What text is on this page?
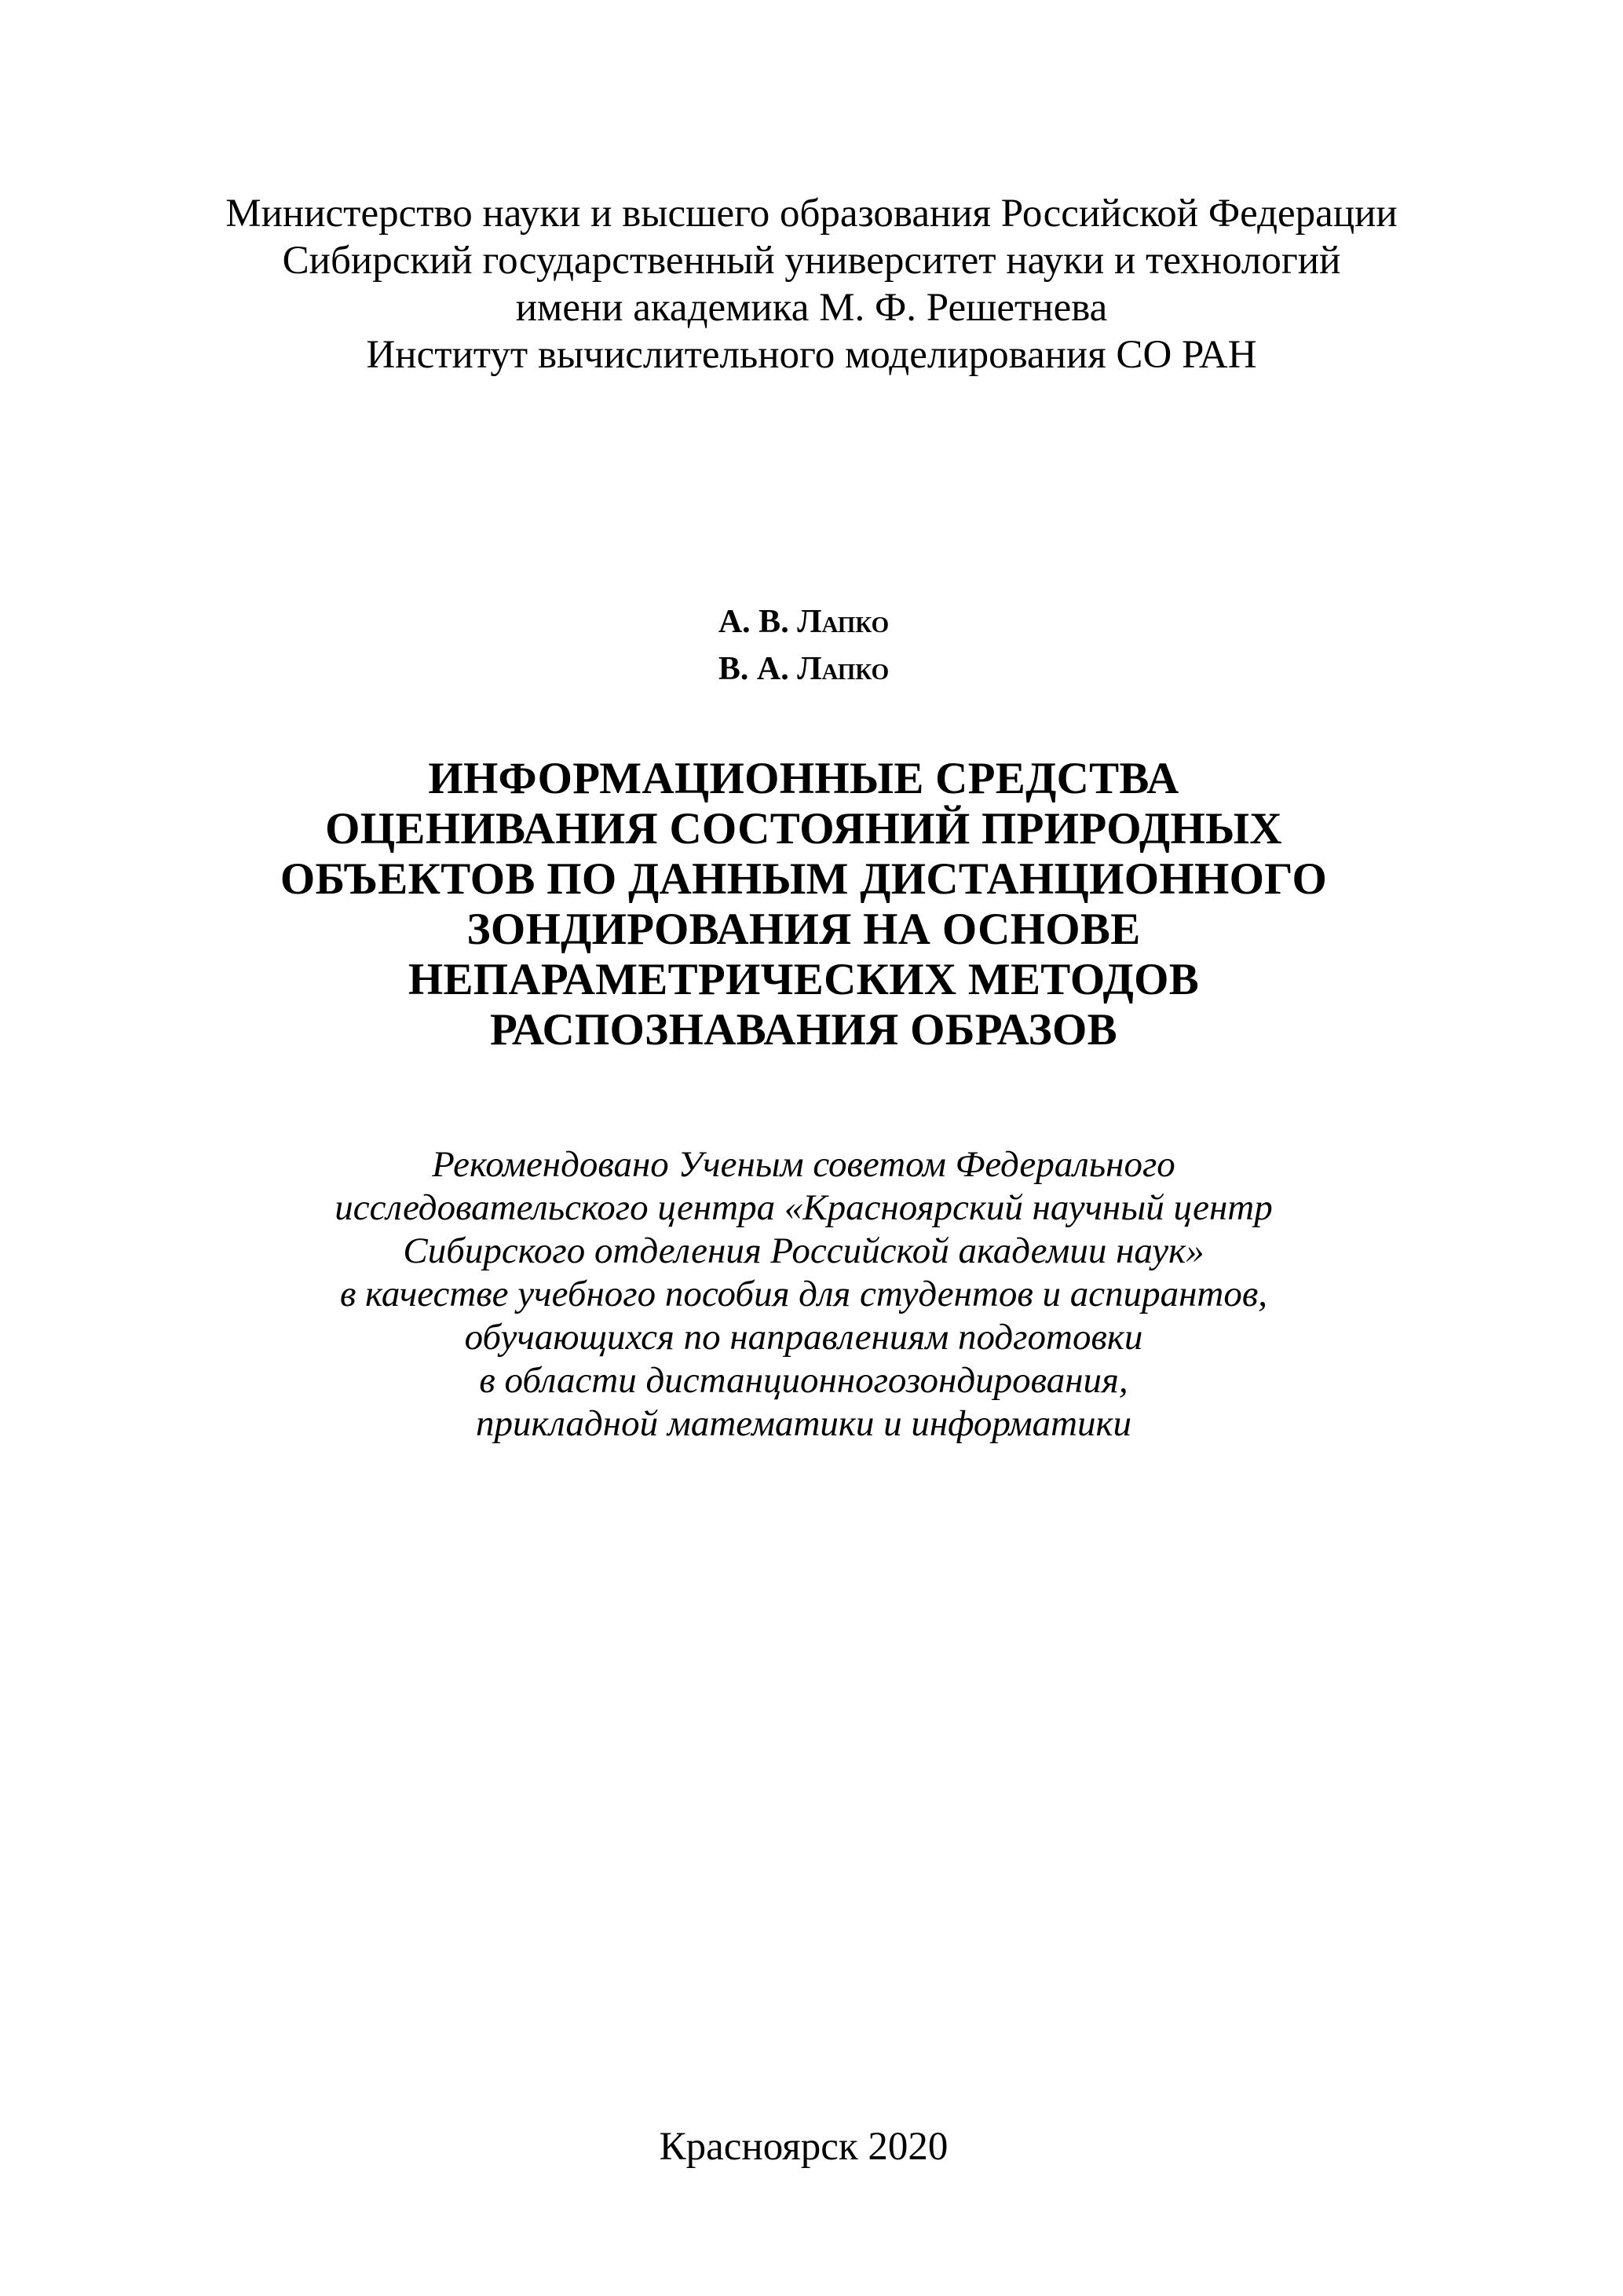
Министерство науки и высшего образования Российской Федерации
Сибирский государственный университет науки и технологий
имени академика М. Ф. Решетнева
Институт вычислительного моделирования СО РАН
А. В. Лапко
В. А. Лапко
ИНФОРМАЦИОННЫЕ СРЕДСТВА
ОЦЕНИВАНИЯ СОСТОЯНИЙ ПРИРОДНЫХ
ОБЪЕКТОВ ПО ДАННЫМ ДИСТАНЦИОННОГО
ЗОНДИРОВАНИЯ НА ОСНОВЕ
НЕПАРАМЕТРИЧЕСКИХ МЕТОДОВ
РАСПОЗНАВАНИЯ ОБРАЗОВ
Рекомендовано Ученым советом Федерального
исследовательского центра «Красноярский научный центр
Сибирского отделения Российской академии наук»
в качестве учебного пособия для студентов и аспирантов,
обучающихся по направлениям подготовки
в области дистанционногозондирования,
прикладной математики и информатики
Красноярск 2020
